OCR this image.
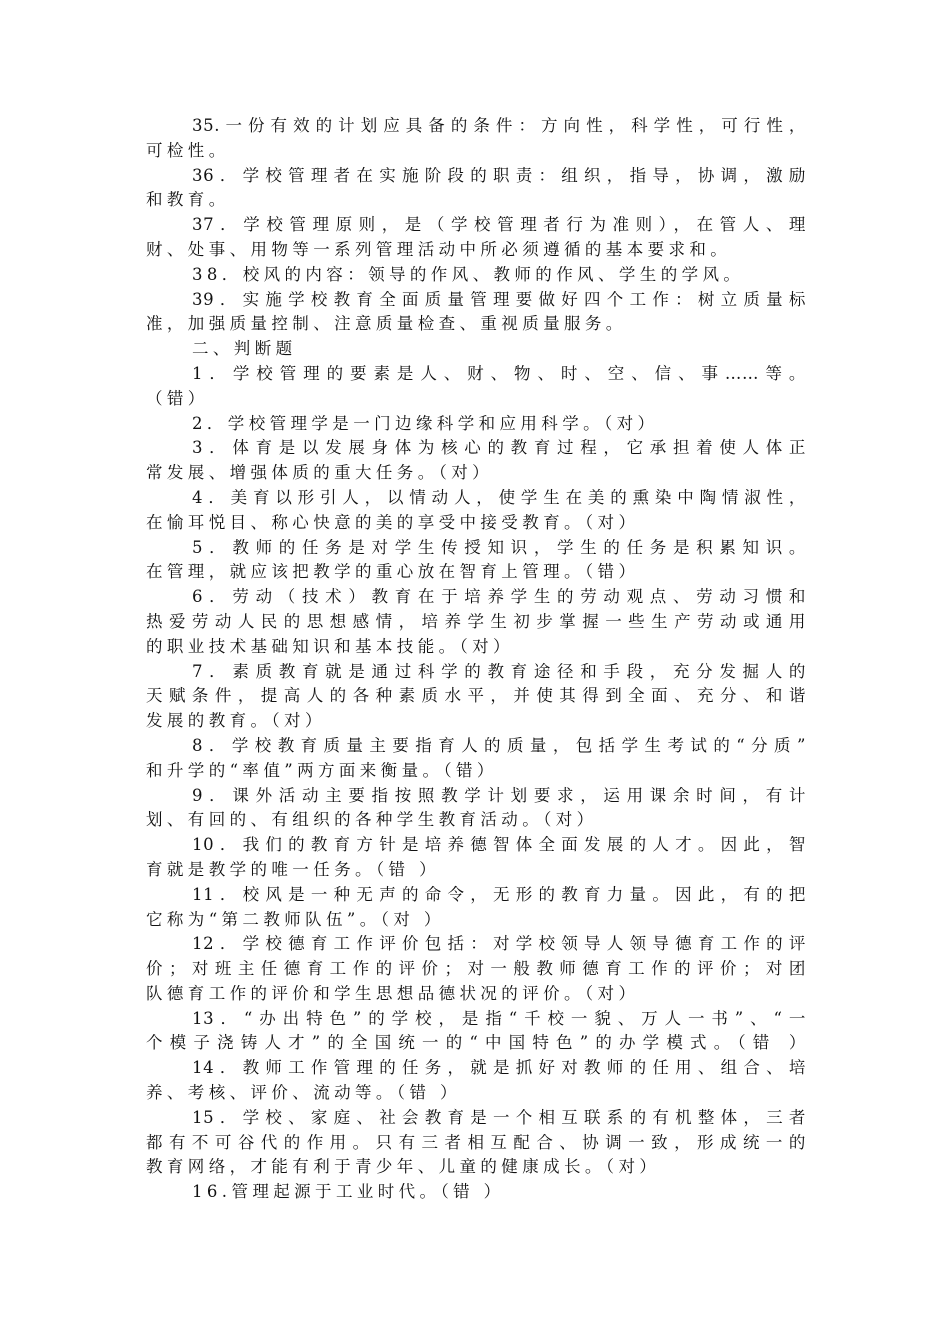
35.一份有效的计划应具备的条件：方向性，科学性，可行性，
可检性。
36．学校管理者在实施阶段的职责：组织，指导，协调，激励
和教育。
37．学校管理原则，是（学校管理者行为准则），在管人、理
财、处事、用物等一系列管理活动中所必须遵循的基本要求和。
38．校风的内容：领导的作风、教师的作风、学生的学风。
39．实施学校教育全面质量管理要做好四个工作：树立质量标
准，加强质量控制、注意质量检查、重视质量服务。
二、判断题
1．学校管理的要素是人、财、物、时、空、信、事……等。
（错）
2．学校管理学是一门边缘科学和应用科学。（对）
3．体育是以发展身体为核心的教育过程，它承担着使人体正
常发展、增强体质的重大任务。（对）
4．美育以形引人，以情动人，使学生在美的熏染中陶情淑性，
在愉耳悦目、称心快意的美的享受中接受教育。（对）
5．教师的任务是对学生传授知识，学生的任务是积累知识。
在管理，就应该把教学的重心放在智育上管理。（错）
6．劳动（技术）教育在于培养学生的劳动观点、劳动习惯和
热爱劳动人民的思想感情，培养学生初步掌握一些生产劳动或通用
的职业技术基础知识和基本技能。（对）
7．素质教育就是通过科学的教育途径和手段，充分发掘人的
天赋条件，提高人的各种素质水平，并使其得到全面、充分、和谐
发展的教育。（对）
8．学校教育质量主要指育人的质量，包括学生考试的“分质”
和升学的“率值”两方面来衡量。（错）
9．课外活动主要指按照教学计划要求，运用课余时间，有计
划、有回的、有组织的各种学生教育活动。（对）
10．我们的教育方针是培养德智体全面发展的人才。因此，智
育就是教学的唯一任务。（错 ）
11．校风是一种无声的命令，无形的教育力量。因此，有的把
它称为“第二教师队伍”。（对 ）
12．学校德育工作评价包括：对学校领导人领导德育工作的评
价；对班主任德育工作的评价；对一般教师德育工作的评价；对团
队德育工作的评价和学生思想品德状况的评价。（对）
13．“办出特色”的学校，是指“千校一貌、万人一书”、“一
个模子浇铸人才”的全国统一的“中国特色”的办学模式。（错 ）
14．教师工作管理的任务，就是抓好对教师的任用、组合、培
养、考核、评价、流动等。（错 ）
15．学校、家庭、社会教育是一个相互联系的有机整体，三者
都有不可谷代的作用。只有三者相互配合、协调一致，形成统一的
教育网络，才能有利于青少年、儿童的健康成长。（对）
16.管理起源于工业时代。（错 ）
